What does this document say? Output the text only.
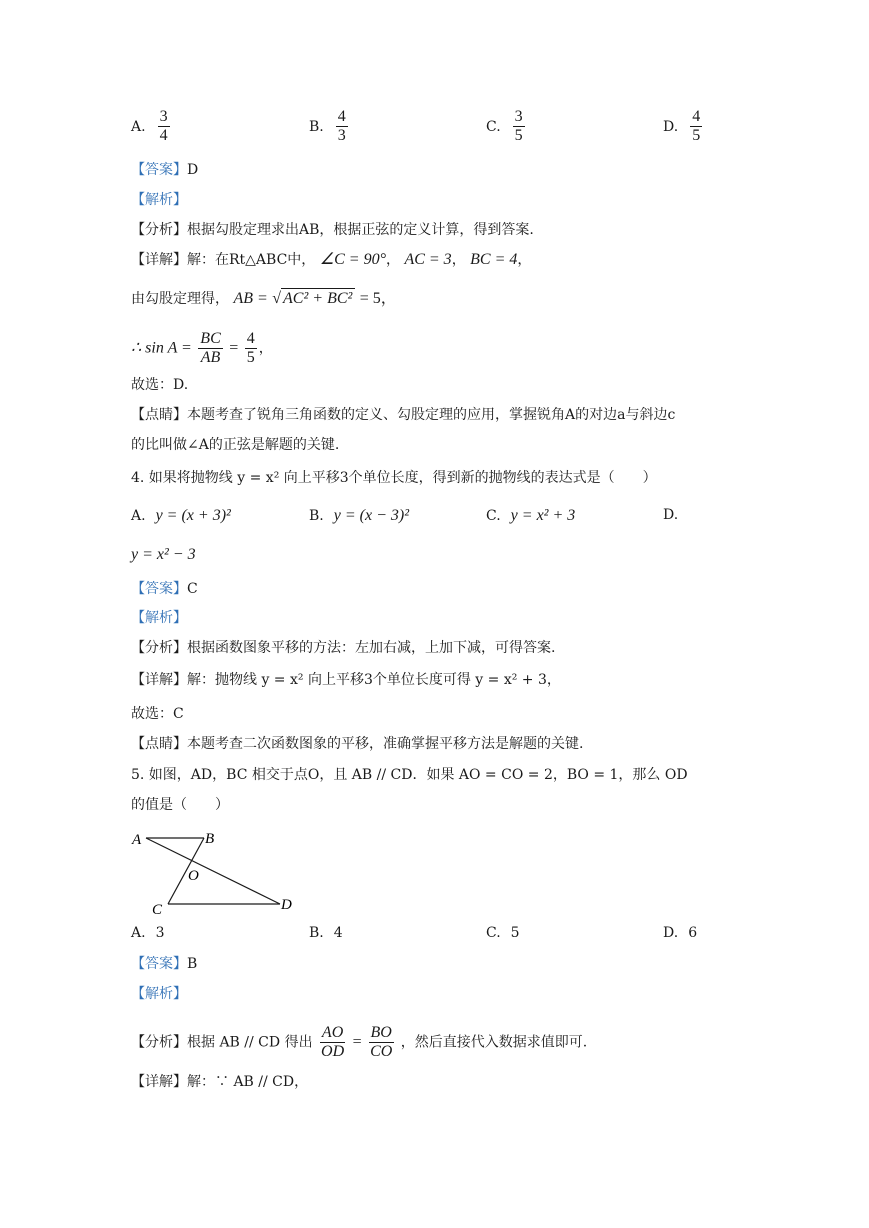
A. $\frac{3}{4}$	B. $\frac{4}{3}$	C. $\frac{3}{5}$	D. $\frac{4}{5}$
【答案】D
【解析】
【分析】根据勾股定理求出AB，根据正弦的定义计算，得到答案.
【详解】解：在Rt△ABC中， ∠C = 90°， AC = 3， BC = 4，
由勾股定理得， AB = √ AC² + BC² = 5，
∴ $\sin A = \frac{BC}{AB} = \frac{4}{5}$ ，
故选：D.
【点睛】本题考查了锐角三角函数的定义、勾股定理的应用，掌握锐角A的对边a与斜边c
的比叫做∠A的正弦是解题的关键.
4. 如果将抛物线 y = x² 向上平移3个单位长度，得到新的抛物线的表达式是（　　）
A. y = (x + 3)²	B. y = (x − 3)²	C. y = x² + 3	D.
y = x² − 3
【答案】C
【解析】
【分析】根据函数图象平移的方法：左加右减，上加下减，可得答案.
【详解】解：抛物线 y = x² 向上平移3个单位长度可得 y = x² + 3，
故选：C
【点睛】本题考查二次函数图象的平移，准确掌握平移方法是解题的关键.
5. 如图，AD，BC 相交于点O，且 AB // CD．如果 AO = CO = 2，BO = 1，那么 OD
的值是（　　）
A	B
O
C	D
A. 3	B. 4	C. 5	D. 6
【答案】B
【解析】
【分析】根据 AB // CD 得出 $\frac{AO}{OD} = \frac{BO}{CO}$ ，然后直接代入数据求值即可.
【详解】解：∵ AB // CD，
